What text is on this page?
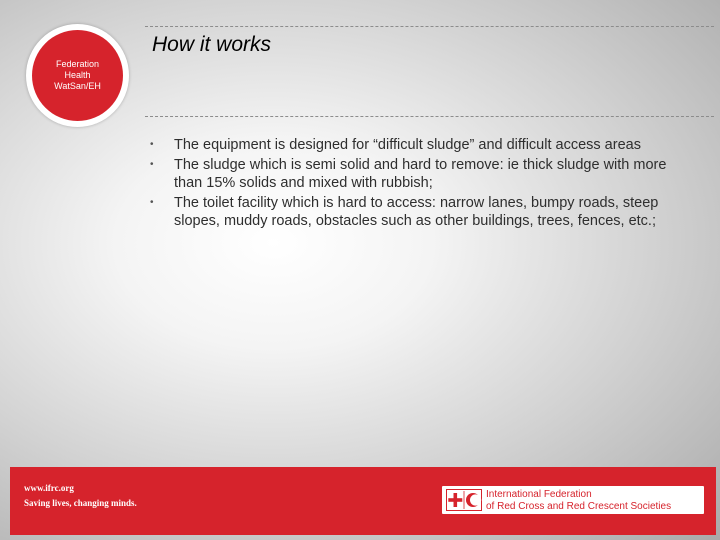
Federation
Health
WatSan/EH
How it works
• The equipment is designed for “difficult sludge” and difficult access areas
• The sludge which is semi solid and hard to remove: ie thick sludge with more than 15% solids and mixed with rubbish;
• The toilet facility which is hard to access: narrow lanes, bumpy roads, steep slopes, muddy roads, obstacles such as other buildings, trees, fences, etc.;
www.ifrc.org
Saving lives, changing minds.
International Federation
of Red Cross and Red Crescent Societies
